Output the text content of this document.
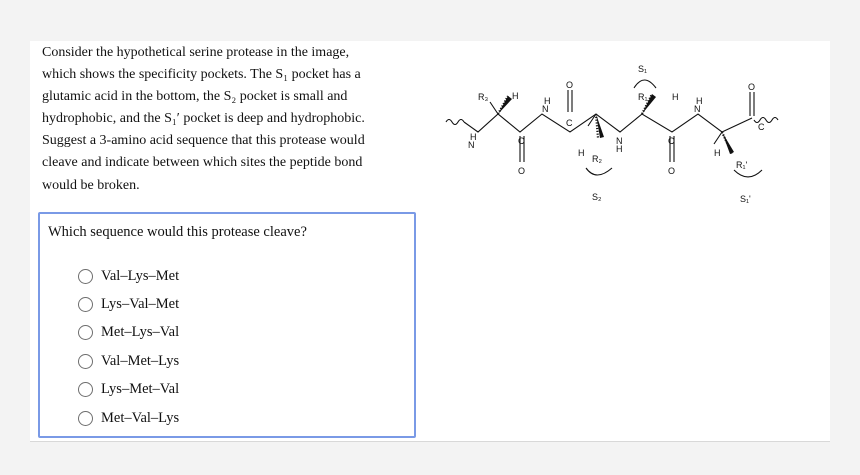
Consider the hypothetical serine protease in the image,

which shows the specificity pockets. The S₁ pocket has a

glutamic acid in the bottom, the S₂ pocket is small and

hydrophobic, and the S₁′ pocket is deep and hydrophobic.

Suggest a 3-amino acid sequence that this protease would

cleave and indicate between which sites the peptide bond

would be broken.

R₃	H
N
H	C
O
N
H
C
O
H
R₂
S₂
N
H
S₁
R₁	H
C
O
N
H
O
C
H
R₁'
S₁'
Which sequence would this protease cleave?
Val–Lys–Met
Lys–Val–Met
Met–Lys–Val
Val–Met–Lys
Lys–Met–Val
Met–Val–Lys
